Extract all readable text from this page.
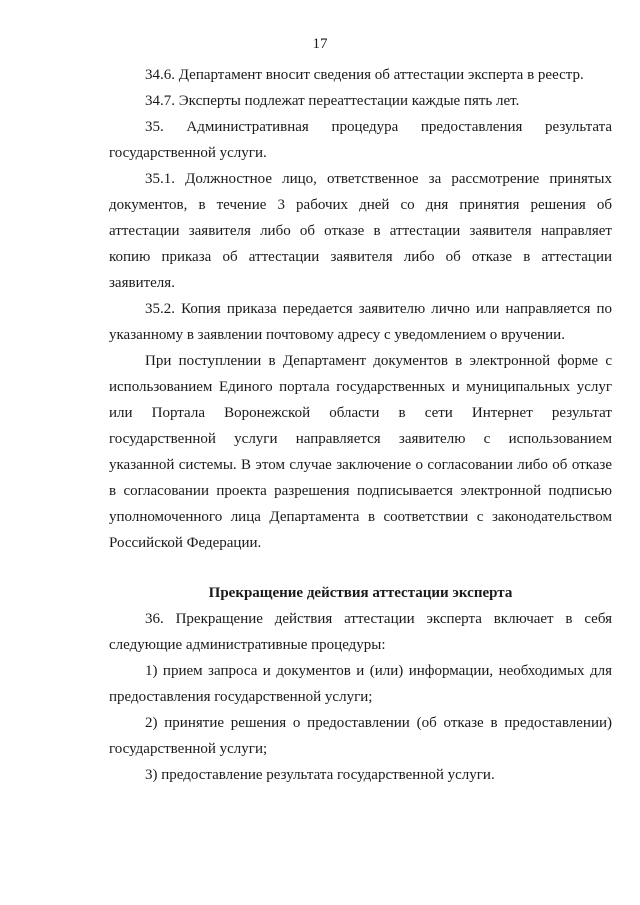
17
34.6. Департамент вносит сведения об аттестации эксперта в реестр.
34.7. Эксперты подлежат переаттестации каждые пять лет.
35. Административная процедура предоставления результата
государственной услуги.
35.1. Должностное лицо, ответственное за рассмотрение принятых
документов, в течение 3 рабочих дней со дня принятия решения об
аттестации заявителя либо об отказе в аттестации заявителя направляет
копию приказа об аттестации заявителя либо об отказе в аттестации
заявителя.
35.2. Копия приказа передается заявителю лично или направляется по
указанному в заявлении почтовому адресу с уведомлением о вручении.
При поступлении в Департамент документов в электронной форме с
использованием Единого портала государственных и муниципальных услуг
или Портала Воронежской области в сети Интернет результат
государственной услуги направляется заявителю с использованием
указанной системы. В этом случае заключение о согласовании либо об отказе
в согласовании проекта разрешения подписывается электронной подписью
уполномоченного лица Департамента в соответствии с законодательством
Российской Федерации.
Прекращение действия аттестации эксперта
36. Прекращение действия аттестации эксперта включает в себя
следующие административные процедуры:
1) прием запроса и документов и (или) информации, необходимых для
предоставления государственной услуги;
2) принятие решения о предоставлении (об отказе в предоставлении)
государственной услуги;
3) предоставление результата государственной услуги.
